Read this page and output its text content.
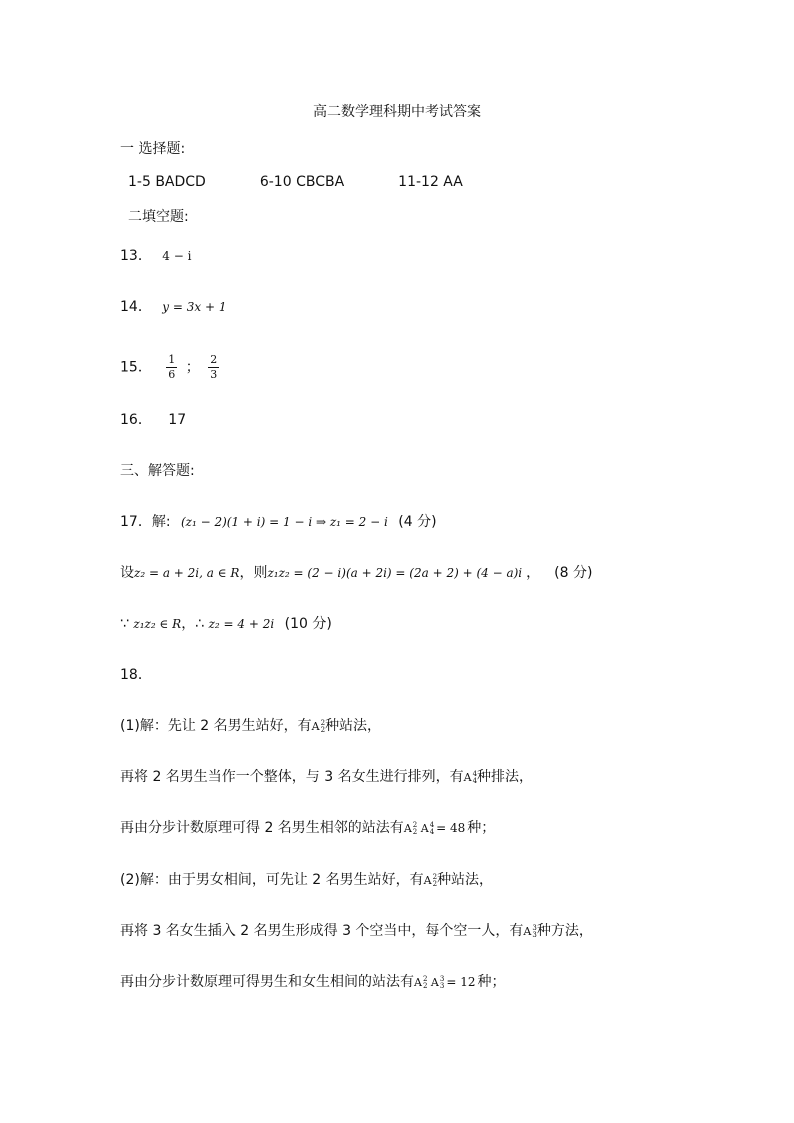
高二数学理科期中考试答案
一 选择题:
1-5 BADCD	6-10 CBCBA	11-12 AA
二填空题:
13． 4 − i
14． y = 3x + 1
15． $\frac{1}{6}$ ； $\frac{2}{3}$
16． 17
三、解答题:
17．解: (z₁ − 2)(1 + i) = 1 − i ⇒ z₁ = 2 − i (4 分)
设z₂ = a + 2i, a ∈ R，则z₁z₂ = (2 − i)(a + 2i) = (2a + 2) + (4 − a)i ， (8 分)
∵ z₁z₂ ∈ R，∴ z₂ = 4 + 2i (10 分)
18．
(1)解：先让 2 名男生站好，有A 2
2 种站法，
再将 2 名男生当作一个整体，与 3 名女生进行排列，有A 4
4 种排法，
再由分步计数原理可得 2 名男生相邻的站法有A 2
2 A 4
4 = 48 种；
(2)解：由于男女相间，可先让 2 名男生站好，有A 2
2 种站法，
再将 3 名女生插入 2 名男生形成得 3 个空当中，每个空一人，有A 3
3 种方法，
再由分步计数原理可得男生和女生相间的站法有A 2
2 A 3
3 = 12 种；
